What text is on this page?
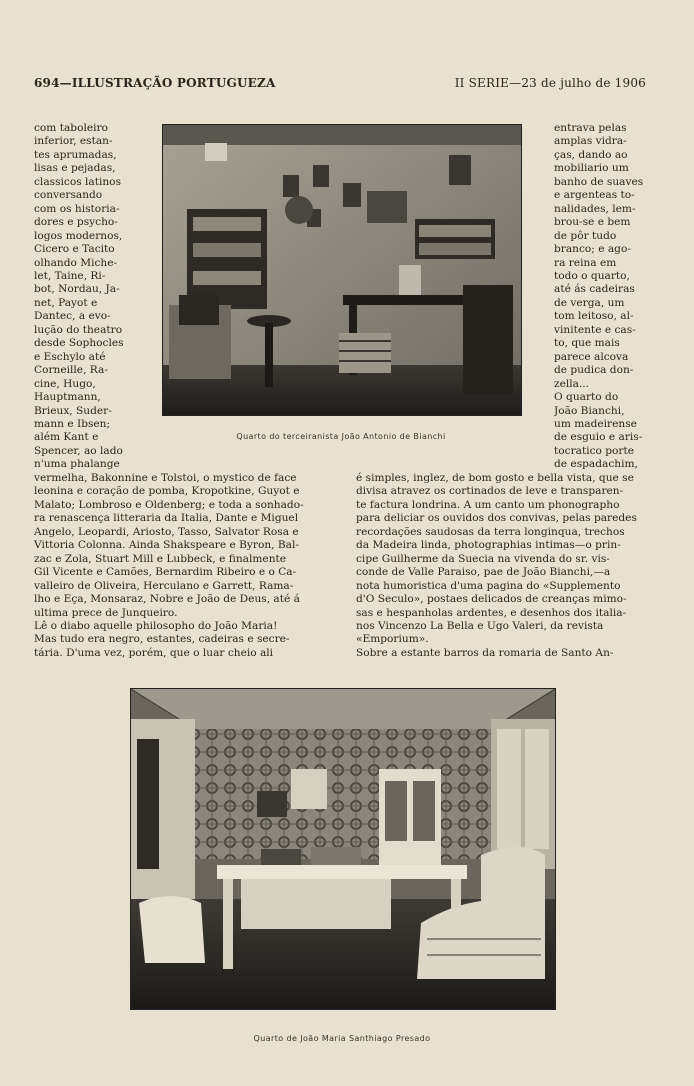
694—ILLUSTRAÇÃO PORTUGUEZA	II SERIE—23 de julho de 1906
Quarto do terceiranista João Antonio de Bianchi
com taboleiro
inferior, estan-
tes aprumadas,
lisas e pejadas,
classicos latinos
conversando
com os historia-
dores e psycho-
logos modernos,
Cicero e Tacito
olhando Miche-
let, Taine, Ri-
bot, Nordau, Ja-
net, Payot e
Dantec, a evo-
lução do theatro
desde Sophocles
e Eschylo até
Corneille, Ra-
cine, Hugo,
Hauptmann,
Brieux, Suder-
mann e Ibsen;
além Kant e
Spencer, ao lado
n'uma phalange
entrava pelas
amplas vidra-
ças, dando ao
mobiliario um
banho de suaves
e argenteas to-
nalidades, lem-
brou-se e bem
de pôr tudo
branco; e ago-
ra reina em
todo o quarto,
até ás cadeiras
de verga, um
tom leitoso, al-
vinitente e cas-
to, que mais
parece alcova
de pudica don-
zella...
O quarto do
João Bianchi,
um madeirense
de esguio e aris-
tocratico porte
de espadachim,
vermelha, Bakonnine e Tolstoi, o mystico de face
leonina e coração de pomba, Kropotkine, Guyot e
Malato; Lombroso e Oldenberg; e toda a sonhado-
ra renascença litteraria da Italia, Dante e Miguel
Angelo, Leopardi, Ariosto, Tasso, Salvator Rosa e
Vittoria Colonna. Ainda Shakspeare e Byron, Bal-
zac e Zola, Stuart Mill e Lubbeck, e finalmente
Gil Vicente e Camões, Bernardim Ribeiro e o Ca-
valleiro de Oliveira, Herculano e Garrett, Rama-
lho e Eça, Monsaraz, Nobre e João de Deus, até á
ultima prece de Junqueiro.
Lê o diabo aquelle philosopho do João Maria!
Mas tudo era negro, estantes, cadeiras e secre-
tária. D'uma vez, porém, que o luar cheio ali
é simples, inglez, de bom gosto e bella vista, que se
divisa atravez os cortinados de leve e transparen-
te factura londrina. A um canto um phonographo
para deliciar os ouvidos dos convivas, pelas paredes
recordações saudosas da terra longinqua, trechos
da Madeira linda, photographias intimas—o prin-
cipe Guilherme da Suecia na vivenda do sr. vis-
conde de Valle Paraiso, pae de João Bianchi,—a
nota humoristica d'uma pagina do «Supplemento
d'O Seculo», postaes delicados de creanças mimo-
sas e hespanholas ardentes, e desenhos dos italia-
nos Vincenzo La Bella e Ugo Valeri, da revista
«Emporium».
Sobre a estante barros da romaria de Santo An-
Quarto de João Maria Santhiago Presado
